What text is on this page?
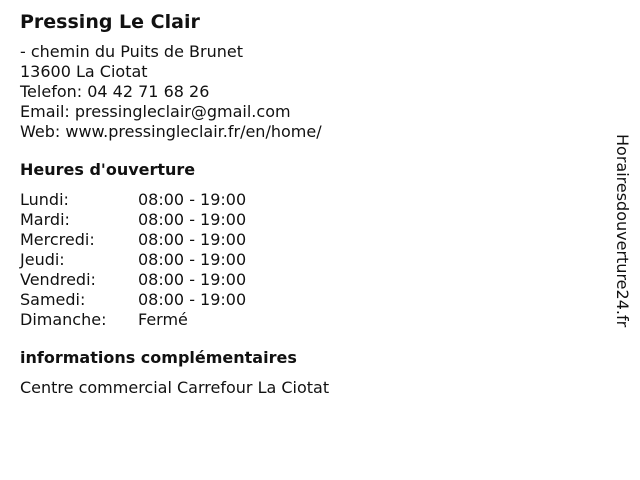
Pressing Le Clair
- chemin du Puits de Brunet
13600 La Ciotat
Telefon: 04 42 71 68 26
Email: pressingleclair@gmail.com
Web: www.pressingleclair.fr/en/home/
Heures d'ouverture
Lundi:	08:00 - 19:00
Mardi:	08:00 - 19:00
Mercredi:	08:00 - 19:00
Jeudi:	08:00 - 19:00
Vendredi:	08:00 - 19:00
Samedi:	08:00 - 19:00
Dimanche:	Fermé
informations complémentaires
Centre commercial Carrefour La Ciotat
Horairesdouverture24.fr
